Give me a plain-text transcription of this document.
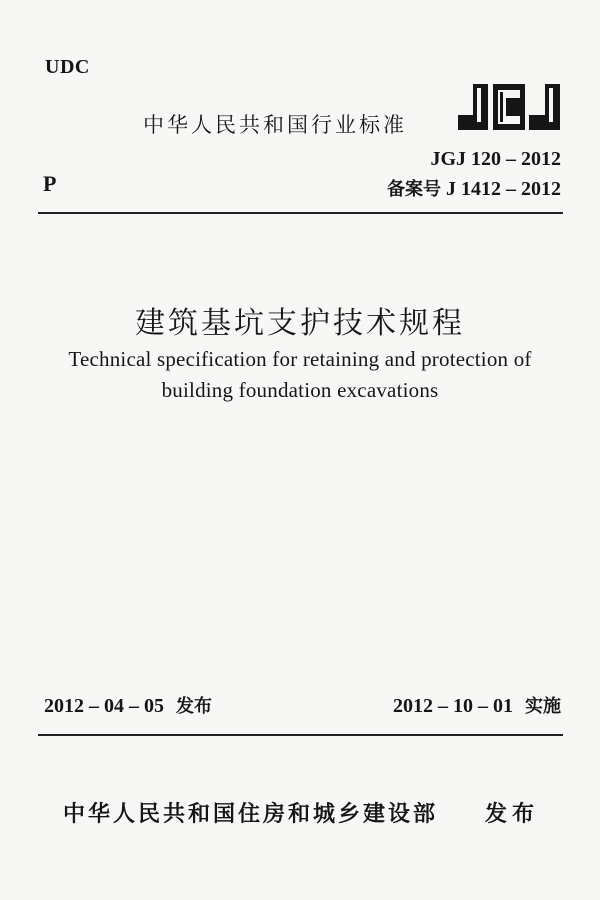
UDC
P
中华人民共和国行业标准
JGJ 120 – 2012
备案号 J 1412 – 2012
建筑基坑支护技术规程
Technical specification for retaining and protection of
building foundation excavations
2012 – 04 – 05 发布	2012 – 10 – 01 实施
中华人民共和国住房和城乡建设部 发布
